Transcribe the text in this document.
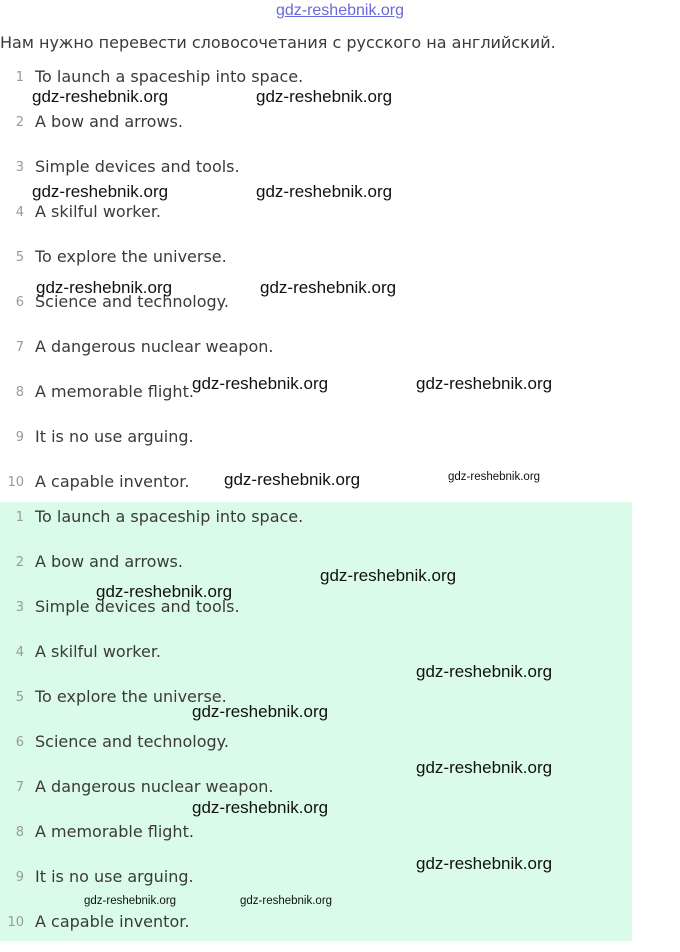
gdz-reshebnik.org
Нам нужно перевести словосочетания с русского на английский.
1 To launch a spaceship into space.
2 A bow and arrows.
3 Simple devices and tools.
4 A skilful worker.
5 To explore the universe.
6 Science and technology.
7 A dangerous nuclear weapon.
8 A memorable flight.
9 It is no use arguing.
10 A capable inventor.
1 To launch a spaceship into space.
2 A bow and arrows.
3 Simple devices and tools.
4 A skilful worker.
5 To explore the universe.
6 Science and technology.
7 A dangerous nuclear weapon.
8 A memorable flight.
9 It is no use arguing.
10 A capable inventor.
gdz-reshebnik.org	gdz-reshebnik.org
gdz-reshebnik.org	gdz-reshebnik.org
gdz-reshebnik.org	gdz-reshebnik.org
gdz-reshebnik.org	gdz-reshebnik.org
gdz-reshebnik.org	gdz-reshebnik.org
gdz-reshebnik.org
gdz-reshebnik.org
gdz-reshebnik.org
gdz-reshebnik.org
gdz-reshebnik.org
gdz-reshebnik.org
gdz-reshebnik.org
gdz-reshebnik.org	gdz-reshebnik.org
